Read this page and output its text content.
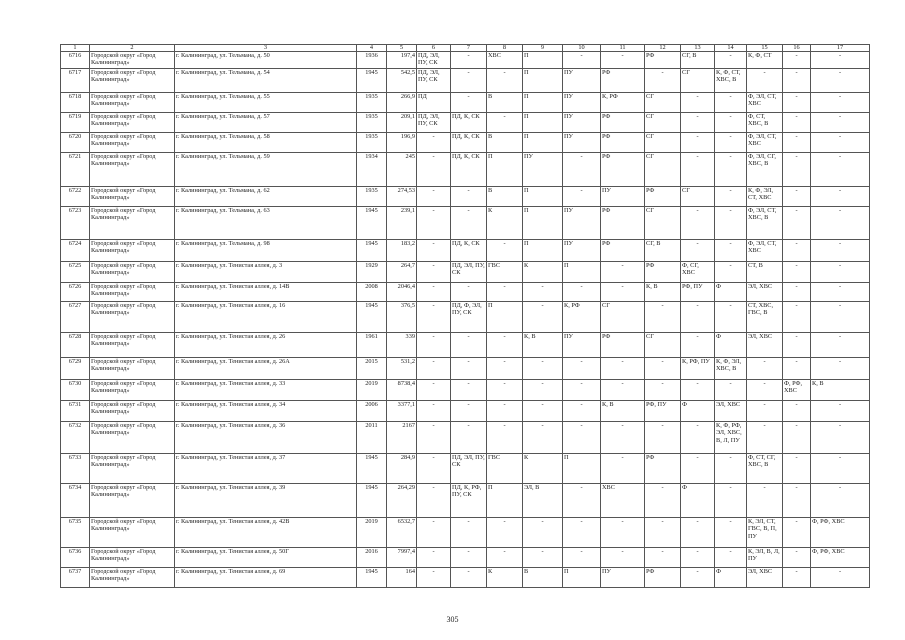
1	2	3	4	5	6	7	8	9	10	11	12	13	14	15	16	17
6716	Городской округ «Город Калининград»	г. Калининград, ул. Тельмана, д. 50	1936	197,4	ПД, ЭЛ, ПУ, СК	-	ХВС	П	-	-	РФ	СГ, В	-	К, Ф, СТ	-	-
6717	Городской округ «Город Калининград»	г. Калининград, ул. Тельмана, д. 54	1945	542,5	ПД, ЭЛ, ПУ, СК	-	-	П	ПУ	РФ	-	СГ	К, Ф, СТ, ХВС, В	-	-	-
6718	Городской округ «Город Калининград»	г. Калининград, ул. Тельмана, д. 55	1935	266,9	ПД	-	В	П	ПУ	К, РФ	СГ	-	-	Ф, ЭЛ, СТ, ХВС	-	-
6719	Городской округ «Город Калининград»	г. Калининград, ул. Тельмана, д. 57	1935	209,1	ПД, ЭЛ, ПУ, СК	ПД, К, СК	-	П	ПУ	РФ	СГ	-	-	Ф, СТ, ХВС, В	-	-
6720	Городской округ «Город Калининград»	г. Калининград, ул. Тельмана, д. 58	1935	196,9	-	ПД, К, СК	В	П	ПУ	РФ	СГ	-	-	Ф, ЭЛ, СТ, ХВС	-	-
6721	Городской округ «Город Калининград»	г. Калининград, ул. Тельмана, д. 59	1934	245	-	ПД, К, СК	П	ПУ	-	РФ	СГ	-	-	Ф, ЭЛ, СГ, ХВС, В	-	-
6722	Городской округ «Город Калининград»	г. Калининград, ул. Тельмана, д. 62	1935	274,53	-	-	В	П	-	ПУ	РФ	СГ	-	К, Ф, ЭЛ, СТ, ХВС	-	-
6723	Городской округ «Город Калининград»	г. Калининград, ул. Тельмана, д. 63	1945	239,1	-	-	К	П	ПУ	РФ	СГ	-	-	Ф, ЭЛ, СТ, ХВС, В	-	-
6724	Городской округ «Город Калининград»	г. Калининград, ул. Тельмана, д. 98	1945	183,2	-	ПД, К, СК	-	П	ПУ	РФ	СГ, В	-	-	Ф, ЭЛ, СТ, ХВС	-	-
6725	Городской округ «Город Калининград»	г. Калининград, ул. Тенистая аллея, д. 3	1929	264,7	-	ПД, ЭЛ, ПУ, СК	ГВС	К	П	-	РФ	Ф, СГ, ХВС	-	СТ, В	-	-
6726	Городской округ «Город Калининград»	г. Калининград, ул. Тенистая аллея, д. 14В	2008	2046,4	-	-	-	-	-	-	К, В	РФ, ПУ	Ф	ЭЛ, ХВС	-	-
6727	Городской округ «Город Калининград»	г. Калининград, ул. Тенистая аллея, д. 16	1945	376,5	-	ПД, Ф, ЭЛ, ПУ, СК	П	-	К, РФ	СГ	-	-	-	СТ, ХВС, ГВС, В	-	-
6728	Городской округ «Город Калининград»	г. Калининград, ул. Тенистая аллея, д. 26	1961	339	-	-	-	К, В	ПУ	РФ	СГ	-	Ф	ЭЛ, ХВС	-	-
6729	Городской округ «Город Калининград»	г. Калининград, ул. Тенистая аллея, д. 26А	2015	531,2	-	-	-	-	-	-	-	К, РФ, ПУ	К, Ф, ЭЛ, ХВС, В	-	-	-
6730	Городской округ «Город Калининград»	г. Калининград, ул. Тенистая аллея, д. 33	2019	8738,4	-	-	-	-	-	-	-	-	-	-	Ф, РФ, ХВС	К, В
6731	Городской округ «Город Калининград»	г. Калининград, ул. Тенистая аллея, д. 34	2006	3377,1	-	-	-	-	-	К, В	РФ, ПУ	Ф	ЭЛ, ХВС	-	-	-
6732	Городской округ «Город Калининград»	г. Калининград, ул. Тенистая аллея, д. 36	2011	2167	-	-	-	-	-	-	-	-	К, Ф, РФ, ЭЛ, ХВС, В, Л, ПУ	-	-	-
6733	Городской округ «Город Калининград»	г. Калининград, ул. Тенистая аллея, д. 37	1945	284,9	-	ПД, ЭЛ, ПУ, СК	ГВС	К	П	-	РФ	-	-	Ф, СТ, СГ, ХВС, В	-	-
6734	Городской округ «Город Калининград»	г. Калининград, ул. Тенистая аллея, д. 39	1945	264,29	-	ПД, К, РФ, ПУ, СК	П	ЭЛ, В	-	ХВС	-	Ф	-	-	-	-
6735	Городской округ «Город Калининград»	г. Калининград, ул. Тенистая аллея, д. 42В	2019	6532,7	-	-	-	-	-	-	-	-	-	К, ЭЛ, СТ, ГВС, В, П, ПУ	-	Ф, РФ, ХВС
6736	Городской округ «Город Калининград»	г. Калининград, ул. Тенистая аллея, д. 50Г	2016	7997,4	-	-	-	-	-	-	-	-	-	К, ЭЛ, В, Л, ПУ	-	Ф, РФ, ХВС
6737	Городской округ «Город Калининград»	г. Калининград, ул. Тенистая аллея, д. 69	1945	164	-	-	К	В	П	ПУ	РФ	-	Ф	ЭЛ, ХВС	-	-
305
